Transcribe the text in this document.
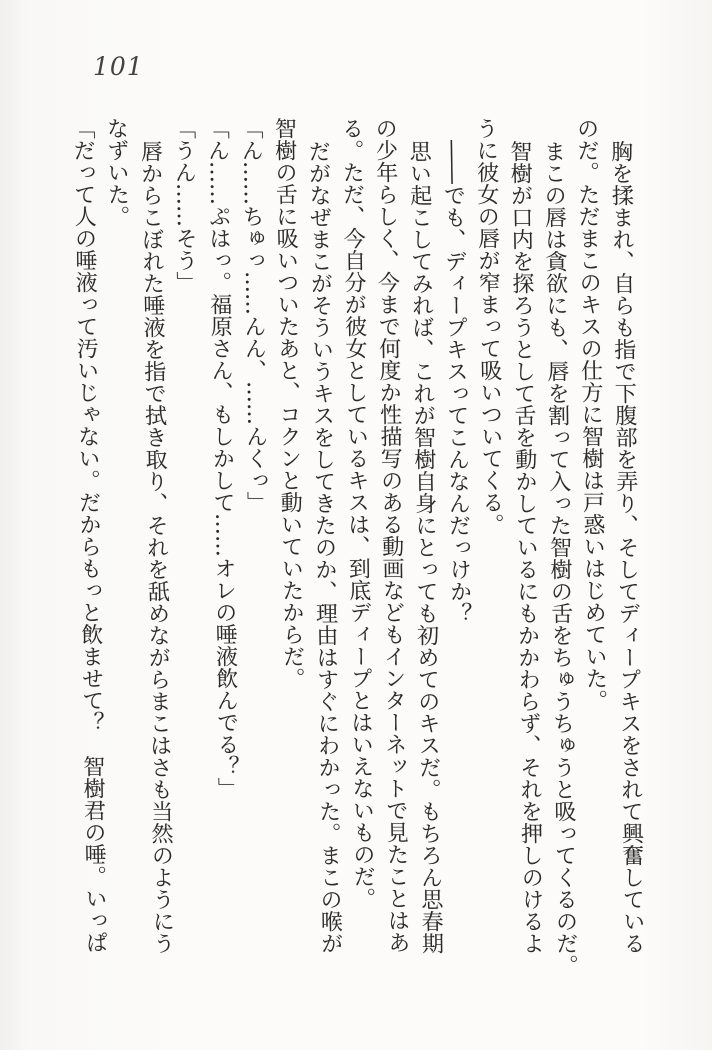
101
胸を揉まれ、自らも指で下腹部を弄り、そしてディープキスをされて興奮している
のだ。ただまこのキスの仕方に智樹は戸惑いはじめていた。
まこの唇は貪欲にも、唇を割って入った智樹の舌をちゅうちゅうと吸ってくるのだ。
智樹が口内を探ろうとして舌を動かしているにもかかわらず、それを押しのけるよ
うに彼女の唇が窄まって吸いついてくる。
――でも、ディープキスってこんなんだっけか？
思い起こしてみれば、これが智樹自身にとっても初めてのキスだ。もちろん思春期
の少年らしく、今まで何度か性描写のある動画などもインターネットで見たことはあ
る。ただ、今自分が彼女としているキスは、到底ディープとはいえないものだ。
だがなぜまこがそういうキスをしてきたのか、理由はすぐにわかった。まこの喉が
智樹の舌に吸いついたあと、コクンと動いていたからだ。
「ん……ちゅっ……んん、……んくっ」
「ん……ぷはっ。福原さん、もしかして……オレの唾液飲んでる？」
「うん……そう」
唇からこぼれた唾液を指で拭き取り、それを舐めながらまこはさも当然のようにう
なずいた。
「だって人の唾液って汚いじゃない。だからもっと飲ませて？　智樹君の唾。いっぱ
